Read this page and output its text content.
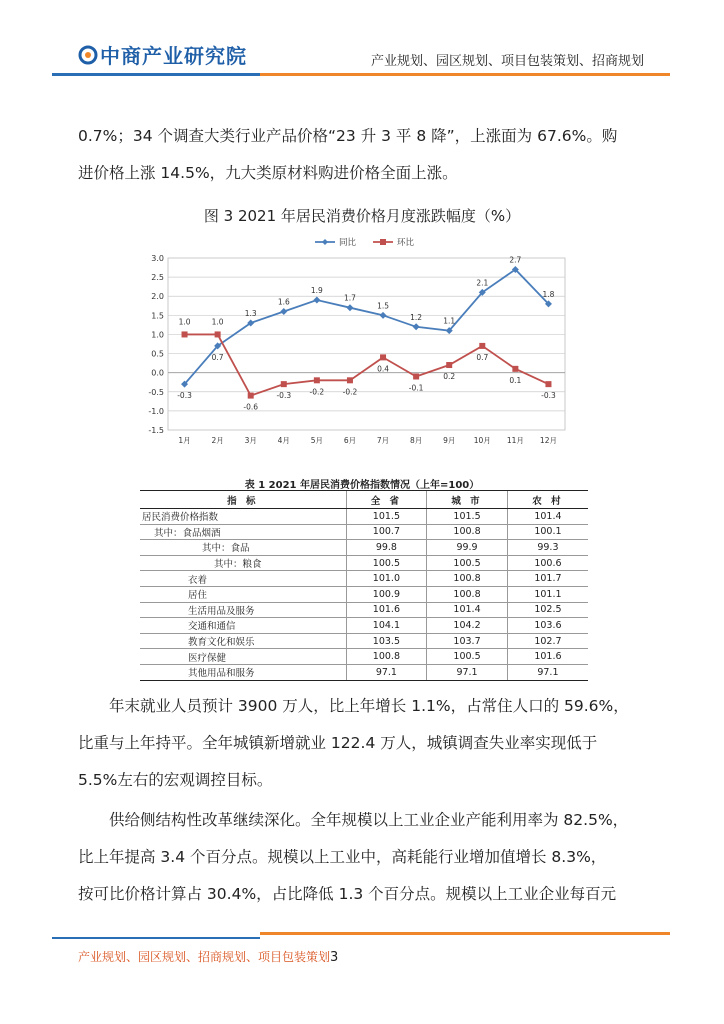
中商产业研究院	产业规划、园区规划、项目包装策划、招商规划

0.7%；34 个调查大类行业产品价格“23 升 3 平 8 降”，上涨面为 67.6%。购

进价格上涨 14.5%，九大类原材料购进价格全面上涨。

图 3 2021 年居民消费价格月度涨跌幅度（%）
同比	环比
3.0
2.5
2.0
1.5
1.0
0.5
0.0
-0.5
-1.0
-1.5
1月	2月	3月	4月	5月	6月	7月	8月	9月 10月 11月 12月
-0.3
0.7
1.3
1.6
1.9
1.7
1.5
1.2	1.1
2.1
2.7
1.8
1.0	1.0
-0.6
-0.3 -0.2 -0.2
0.4
-0.1
0.2
0.7
0.1
-0.3
表 1 2021 年居民消费价格指数情况（上年=100）
指 标	全 省	城 市	农 村
居民消费价格指数	101.5	101.5	101.4
其中：食品烟酒	100.7	100.8	100.1
其中：食品	99.8	99.9	99.3
其中：粮食	100.5	100.5	100.6
衣着	101.0	100.8	101.7
居住	100.9	100.8	101.1
生活用品及服务	101.6	101.4	102.5
交通和通信	104.1	104.2	103.6
教育文化和娱乐	103.5	103.7	102.7
医疗保健	100.8	100.5	101.6
其他用品和服务	97.1	97.1	97.1

年末就业人员预计 3900 万人，比上年增长 1.1%，占常住人口的 59.6%，

比重与上年持平。全年城镇新增就业 122.4 万人，城镇调查失业率实现低于

5.5%左右的宏观调控目标。

供给侧结构性改革继续深化。全年规模以上工业企业产能利用率为 82.5%，

比上年提高 3.4 个百分点。规模以上工业中，高耗能行业增加值增长 8.3%，

按可比价格计算占 30.4%，占比降低 1.3 个百分点。规模以上工业企业每百元

产业规划、园区规划、招商规划、项目包装策划3
